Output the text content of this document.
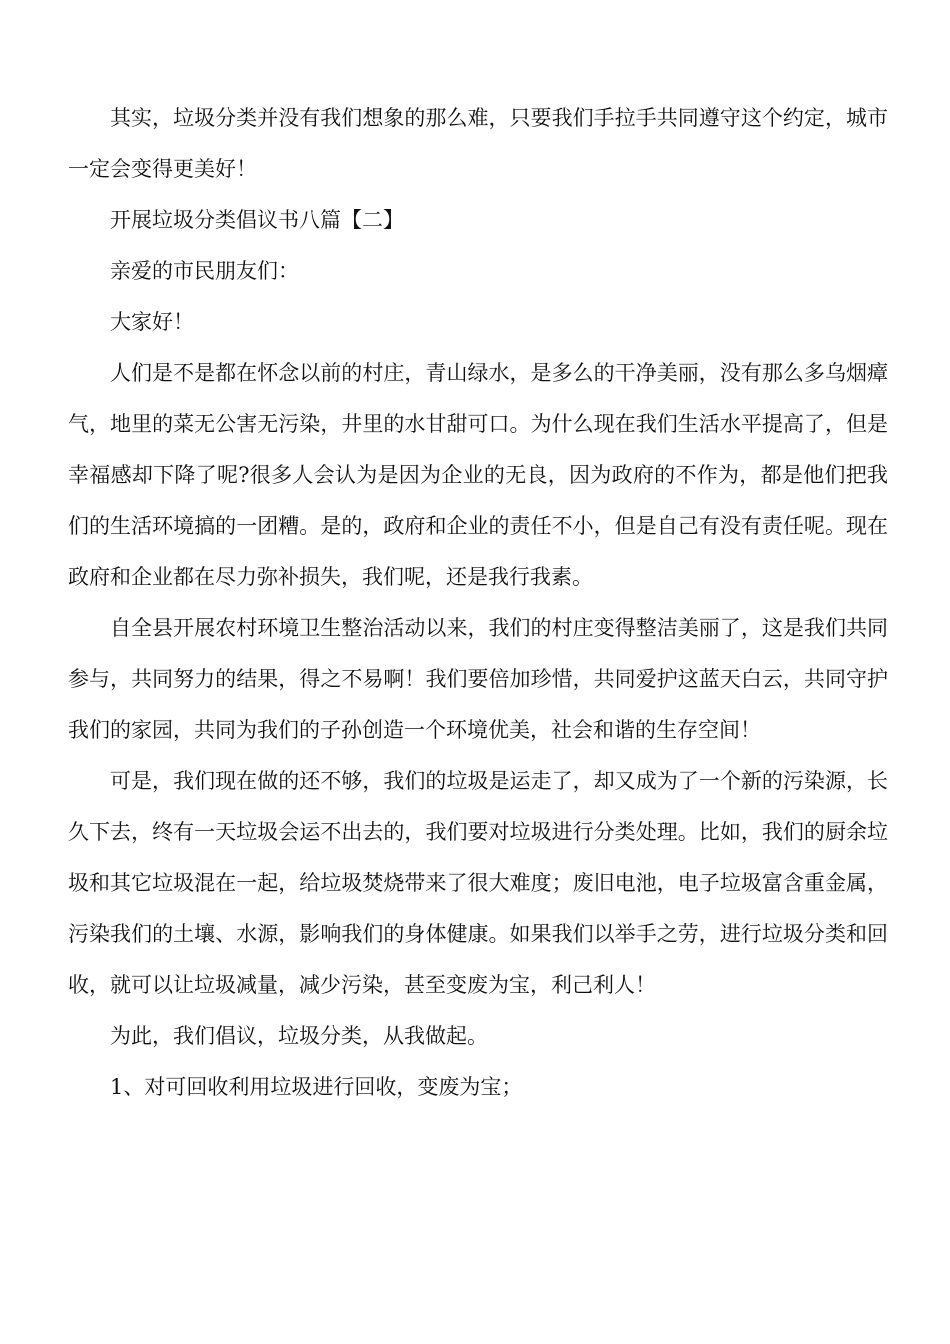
其实，垃圾分类并没有我们想象的那么难，只要我们手拉手共同遵守这个约定，城市一定会变得更美好！

开展垃圾分类倡议书八篇【二】

亲爱的市民朋友们：

大家好！

人们是不是都在怀念以前的村庄，青山绿水，是多么的干净美丽，没有那么多乌烟瘴气，地里的菜无公害无污染，井里的水甘甜可口。为什么现在我们生活水平提高了，但是幸福感却下降了呢?很多人会认为是因为企业的无良，因为政府的不作为，都是他们把我们的生活环境搞的一团糟。是的，政府和企业的责任不小，但是自己有没有责任呢。现在政府和企业都在尽力弥补损失，我们呢，还是我行我素。

自全县开展农村环境卫生整治活动以来，我们的村庄变得整洁美丽了，这是我们共同参与，共同努力的结果，得之不易啊！我们要倍加珍惜，共同爱护这蓝天白云，共同守护我们的家园，共同为我们的子孙创造一个环境优美，社会和谐的生存空间！

可是，我们现在做的还不够，我们的垃圾是运走了，却又成为了一个新的污染源，长久下去，终有一天垃圾会运不出去的，我们要对垃圾进行分类处理。比如，我们的厨余垃圾和其它垃圾混在一起，给垃圾焚烧带来了很大难度；废旧电池，电子垃圾富含重金属，污染我们的土壤、水源，影响我们的身体健康。如果我们以举手之劳，进行垃圾分类和回收，就可以让垃圾减量，减少污染，甚至变废为宝，利己利人！

为此，我们倡议，垃圾分类，从我做起。

1、对可回收利用垃圾进行回收，变废为宝；
